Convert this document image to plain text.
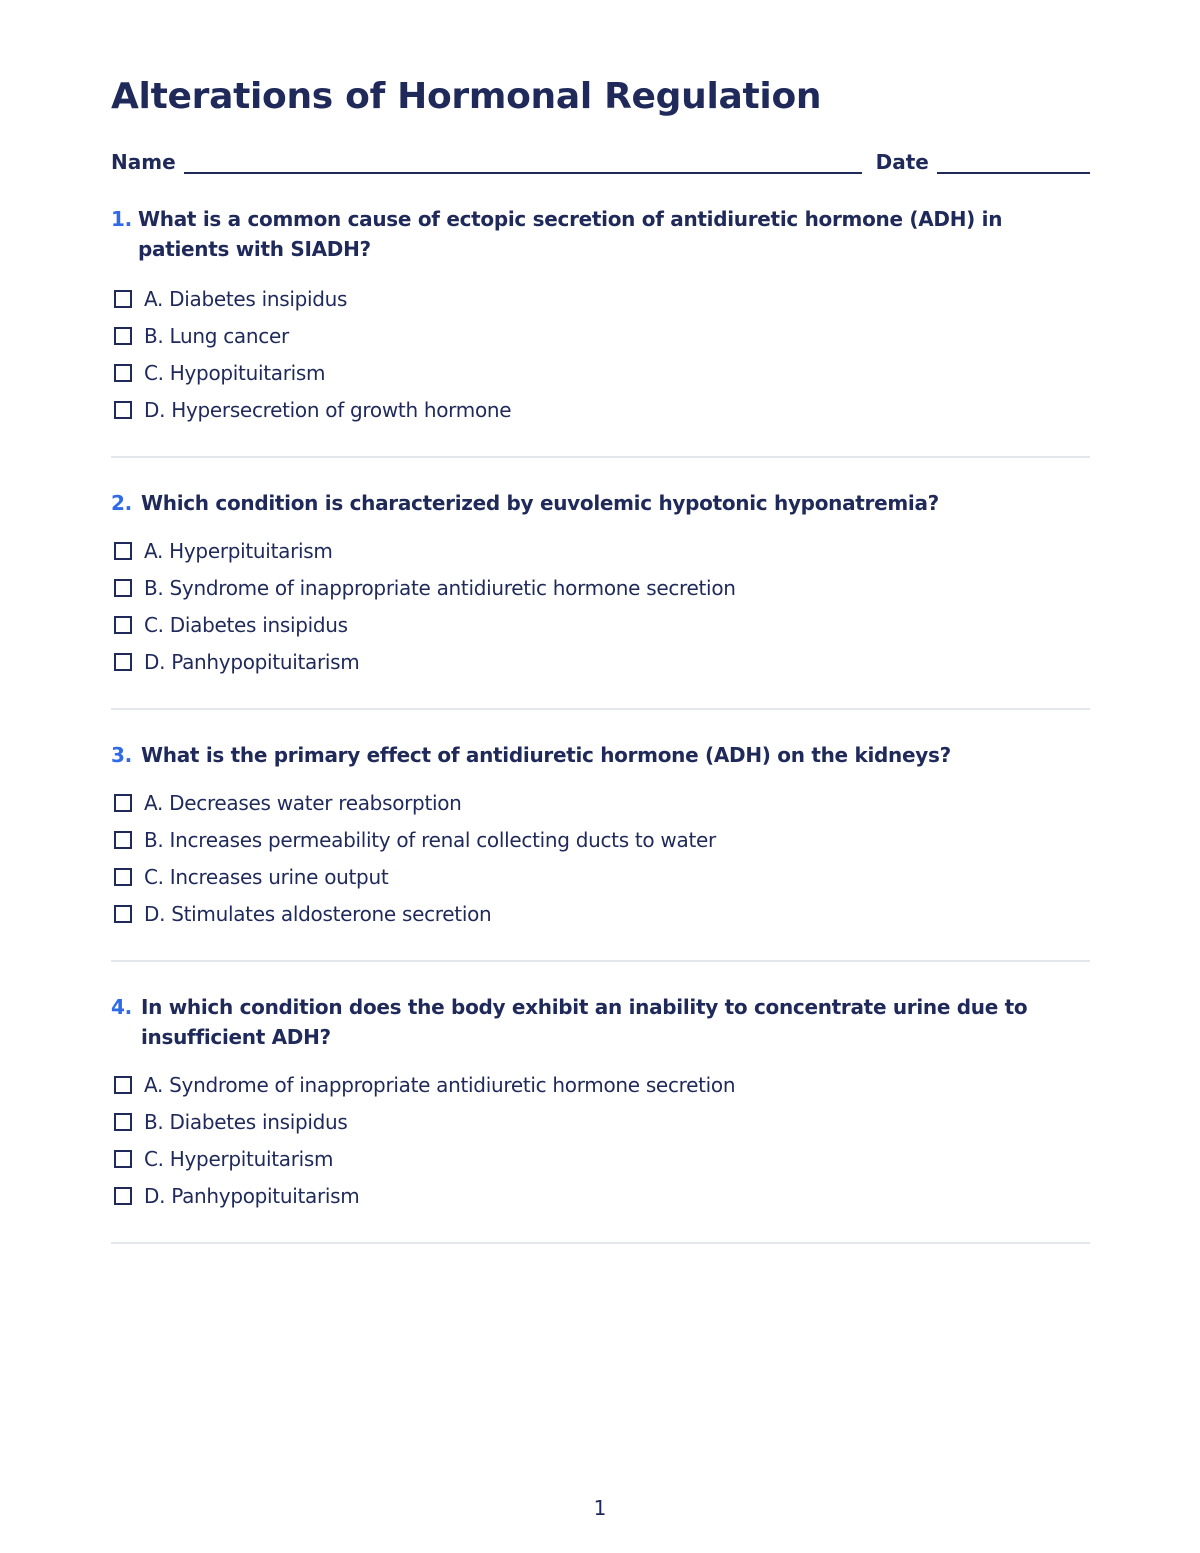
Alterations of Hormonal Regulation
Name	Date
1. What is a common cause of ectopic secretion of antidiuretic hormone (ADH) in patients with SIADH?
A. Diabetes insipidus
B. Lung cancer
C. Hypopituitarism
D. Hypersecretion of growth hormone
2. Which condition is characterized by euvolemic hypotonic hyponatremia?
A. Hyperpituitarism
B. Syndrome of inappropriate antidiuretic hormone secretion
C. Diabetes insipidus
D. Panhypopituitarism
3. What is the primary effect of antidiuretic hormone (ADH) on the kidneys?
A. Decreases water reabsorption
B. Increases permeability of renal collecting ducts to water
C. Increases urine output
D. Stimulates aldosterone secretion
4. In which condition does the body exhibit an inability to concentrate urine due to insufficient ADH?
A. Syndrome of inappropriate antidiuretic hormone secretion
B. Diabetes insipidus
C. Hyperpituitarism
D. Panhypopituitarism
1
